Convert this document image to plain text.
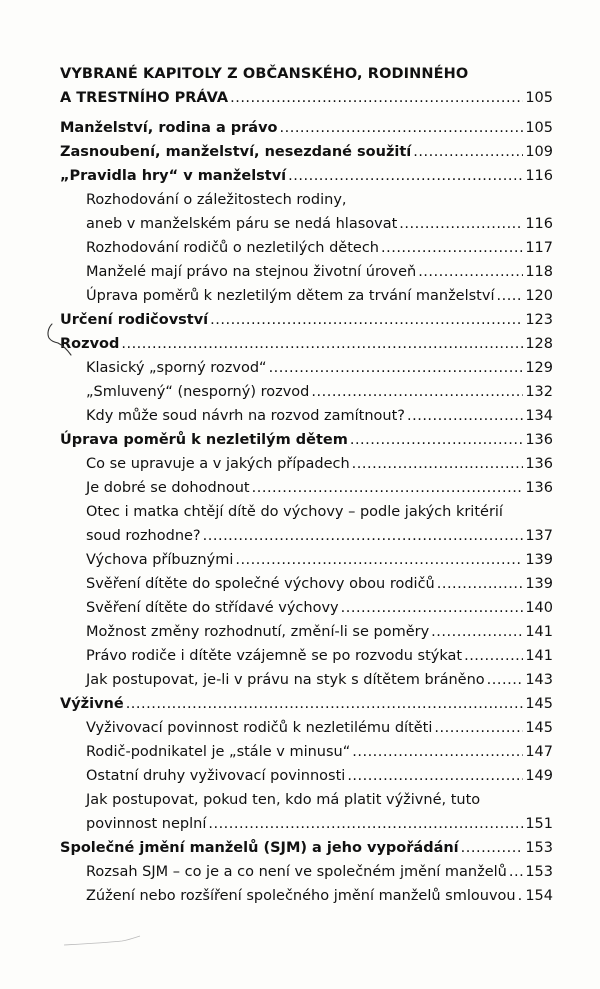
VYBRANÉ KAPITOLY Z OBČANSKÉHO, RODINNÉHO
A TRESTNÍHO PRÁVA .....	105
Manželství, rodina a právo .....	105
Zasnoubení, manželství, nesezdané soužití .....	109
„Pravidla hry“ v manželství .....	116
Rozhodování o záležitostech rodiny,
aneb v manželském páru se nedá hlasovat .....	116
Rozhodování rodičů o nezletilých dětech .....	117
Manželé mají právo na stejnou životní úroveň .....	118
Úprava poměrů k nezletilým dětem za trvání manželství ..... 120
Určení rodičovství .....	123
Rozvod .....	128
Klasický „sporný rozvod“ .....	129
„Smluvený“ (nesporný) rozvod .....	132
Kdy může soud návrh na rozvod zamítnout? .....	134
Úprava poměrů k nezletilým dětem .....	136
Co se upravuje a v jakých případech .....	136
Je dobré se dohodnout .....	136
Otec i matka chtějí dítě do výchovy – podle jakých kritérií
soud rozhodne? .....	137
Výchova příbuznými .....	139
Svěření dítěte do společné výchovy obou rodičů .....	139
Svěření dítěte do střídavé výchovy .....	140
Možnost změny rozhodnutí, změní-li se poměry .....	141
Právo rodiče i dítěte vzájemně se po rozvodu stýkat .....	141
Jak postupovat, je-li v právu na styk s dítětem bráněno .....	143
Výživné .....	145
Vyživovací povinnost rodičů k nezletilému dítěti .....	145
Rodič-podnikatel je „stále v minusu“ .....	147
Ostatní druhy vyživovací povinnosti .....	149
Jak postupovat, pokud ten, kdo má platit výživné, tuto
povinnost neplní .....	151
Společné jmění manželů (SJM) a jeho vypořádání .....	153
Rozsah SJM – co je a co není ve společném jmění manželů ..... 153
Zúžení nebo rozšíření společného jmění manželů smlouvou ..... 154
